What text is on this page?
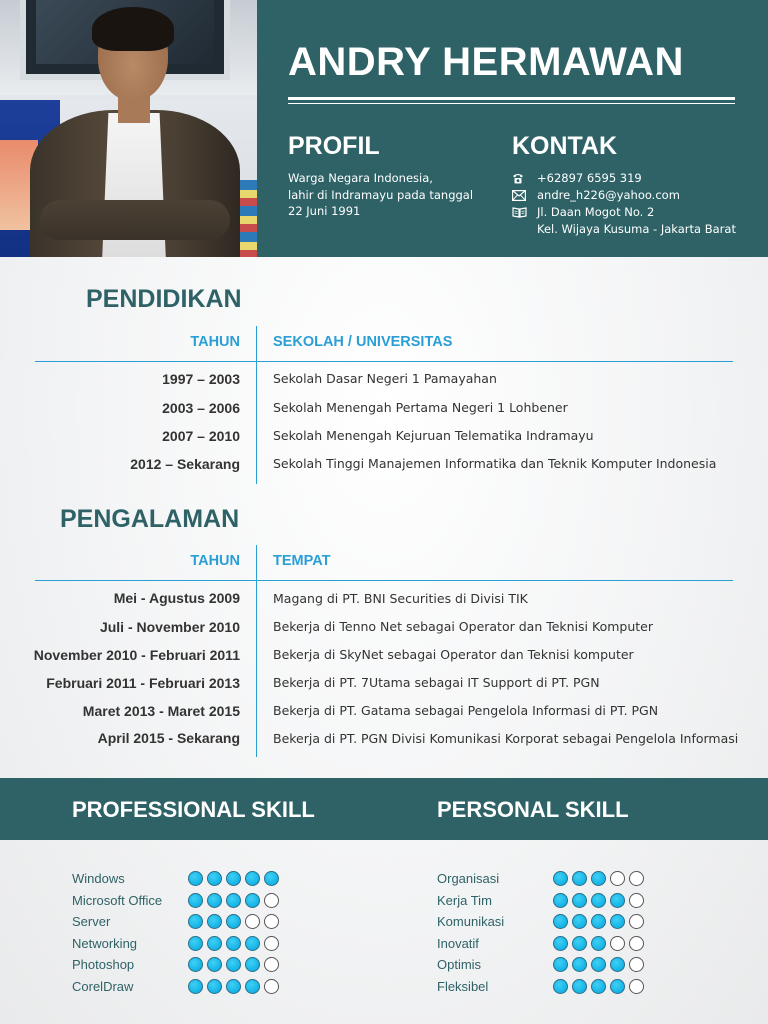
ANDRY HERMAWAN
PROFIL
Warga Negara Indonesia,
lahir di Indramayu pada tanggal
22 Juni 1991
KONTAK
+62897 6595 319
andre_h226@yahoo.com
Jl. Daan Mogot No. 2
Kel. Wijaya Kusuma - Jakarta Barat
PENDIDIKAN
TAHUN SEKOLAH / UNIVERSITAS
1997 – 2003	Sekolah Dasar Negeri 1 Pamayahan
2003 – 2006	Sekolah Menengah Pertama Negeri 1 Lohbener
2007 – 2010	Sekolah Menengah Kejuruan Telematika Indramayu
2012 – Sekarang	Sekolah Tinggi Manajemen Informatika dan Teknik Komputer Indonesia
PENGALAMAN
TAHUN TEMPAT
Mei - Agustus 2009	Magang di PT. BNI Securities di Divisi TIK
Juli - November 2010	Bekerja di Tenno Net sebagai Operator dan Teknisi Komputer
November 2010 - Februari 2011	Bekerja di SkyNet sebagai Operator dan Teknisi komputer
Februari 2011 - Februari 2013	Bekerja di PT. 7Utama sebagai IT Support di PT. PGN
Maret 2013 - Maret 2015	Bekerja di PT. Gatama sebagai Pengelola Informasi di PT. PGN
April 2015 - Sekarang	Bekerja di PT. PGN Divisi Komunikasi Korporat sebagai Pengelola Informasi
PROFESSIONAL SKILL	PERSONAL SKILL
Windows
Microsoft Office
Server
Networking
Photoshop
CorelDraw
Organisasi
Kerja Tim
Komunikasi
Inovatif
Optimis
Fleksibel
